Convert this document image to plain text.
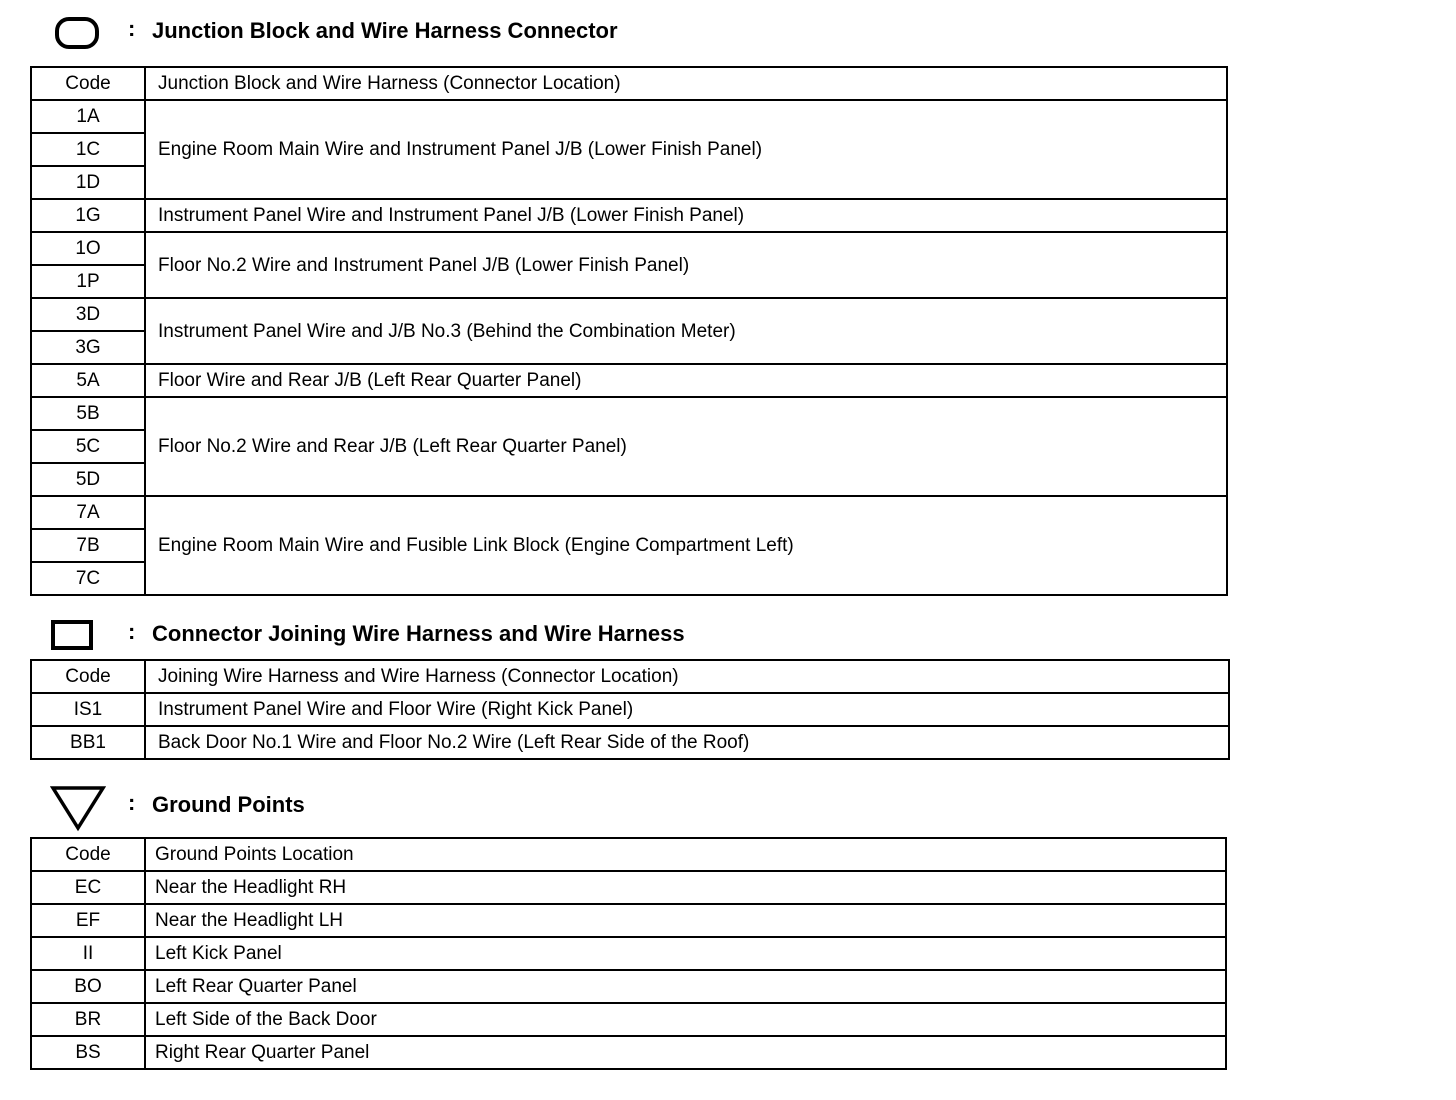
: Junction Block and Wire Harness Connector
Code	Junction Block and Wire Harness (Connector Location)
1A	Engine Room Main Wire and Instrument Panel J/B (Lower Finish Panel)
1C	
1D	
1G	Instrument Panel Wire and Instrument Panel J/B (Lower Finish Panel)
1O	Floor No.2 Wire and Instrument Panel J/B (Lower Finish Panel)
1P	
3D	Instrument Panel Wire and J/B No.3 (Behind the Combination Meter)
3G	
5A	Floor Wire and Rear J/B (Left Rear Quarter Panel)
5B	Floor No.2 Wire and Rear J/B (Left Rear Quarter Panel)
5C	
5D	
7A	Engine Room Main Wire and Fusible Link Block (Engine Compartment Left)
7B	
7C	
: Connector Joining Wire Harness and Wire Harness
Code	Joining Wire Harness and Wire Harness (Connector Location)
IS1	Instrument Panel Wire and Floor Wire (Right Kick Panel)
BB1	Back Door No.1 Wire and Floor No.2 Wire (Left Rear Side of the Roof)
: Ground Points
Code	Ground Points Location
EC	Near the Headlight RH
EF	Near the Headlight LH
II	Left Kick Panel
BO	Left Rear Quarter Panel
BR	Left Side of the Back Door
BS	Right Rear Quarter Panel
